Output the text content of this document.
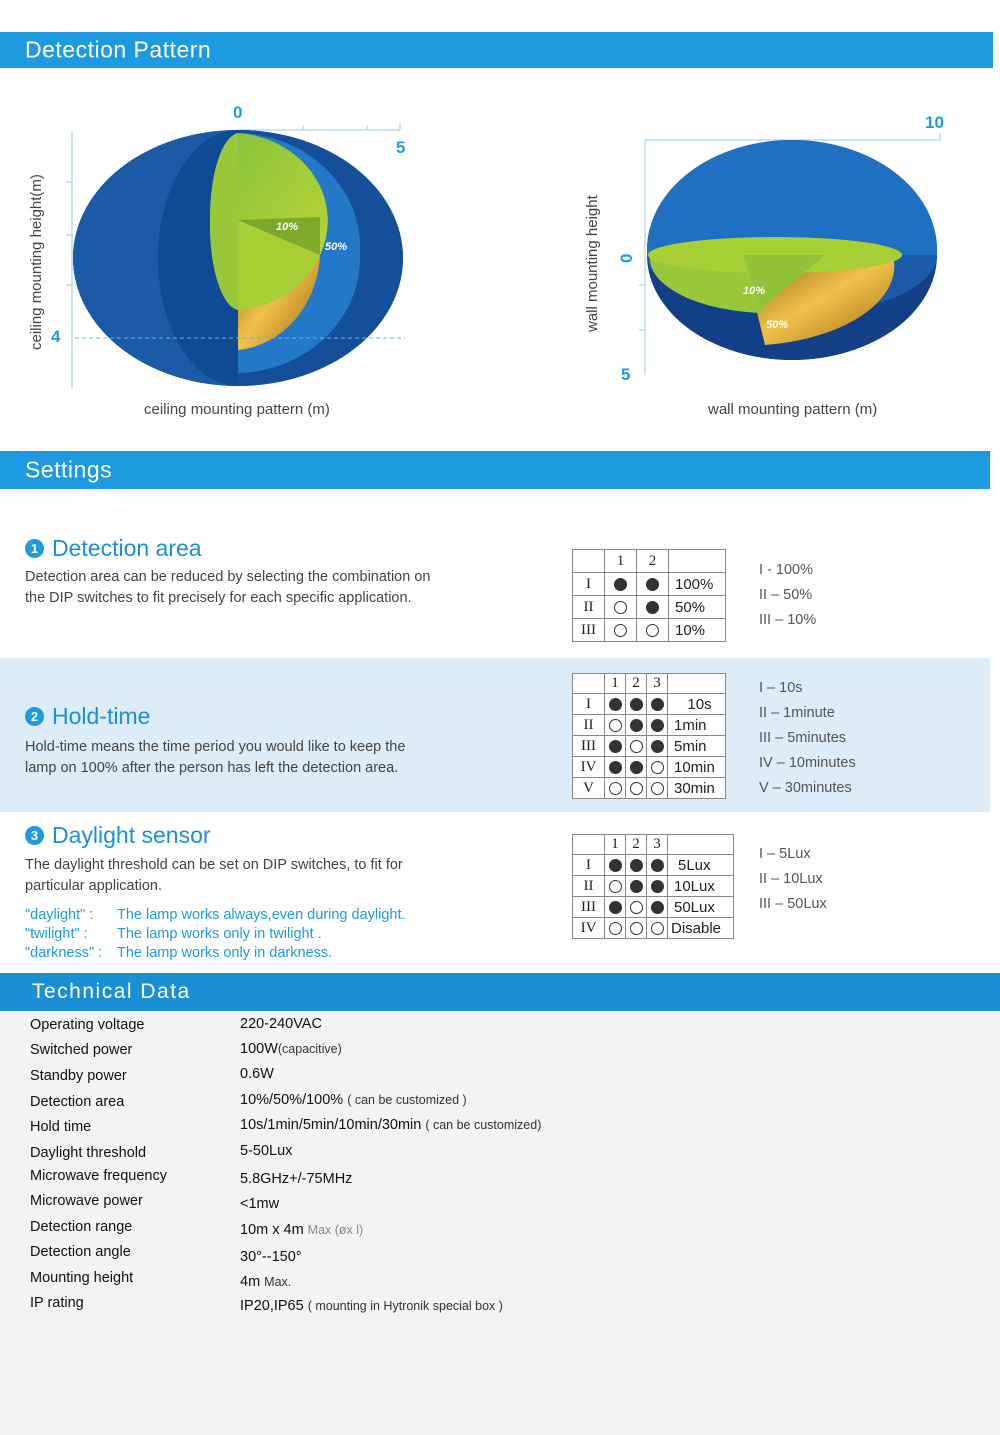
Detection Pattern
0
5
4
10%
50%
ceiling mounting height(m)
ceiling mounting pattern (m)
10
0
5
10%
50%
wall mounting height
wall mounting pattern (m)
Settings
1 Detection area
Detection area can be reduced by selecting the combination on
the DIP switches to fit precisely for each specific application.
	1	2	
I			100%
II			50%
III			10%
I - 100%
II – 50%
III – 10%
2 Hold-time
Hold-time means the time period you would like to keep the
lamp on 100% after the person has left the detection area.
	1	2	3	
I				10s
II				1min
III				5min
IV				10min
V				30min
I – 10s
II – 1minute
III – 5minutes
IV – 10minutes
V – 30minutes
3 Daylight sensor
The daylight threshold can be set on DIP switches, to fit for
particular application.
"daylight" : The lamp works always,even during daylight.
"twilight" : The lamp works only in twilight .
"darkness" : The lamp works only in darkness.
	1	2	3	
I				5Lux
II				10Lux
III				50Lux
IV				Disable
I – 5Lux
II – 10Lux
III – 50Lux
Technical Data
Operating voltage	220-240VAC
Switched power	100W(capacitive)
Standby power	0.6W
Detection area	10%/50%/100% ( can be customized )
Hold time	10s/1min/5min/10min/30min ( can be customized)
Daylight threshold	5-50Lux
Microwave frequency	5.8GHz+/-75MHz
Microwave power	<1mw
Detection range	10m x 4m Max (øx l)
Detection angle	30°--150°
Mounting height	4m Max.
IP rating	IP20,IP65 ( mounting in Hytronik special box )
